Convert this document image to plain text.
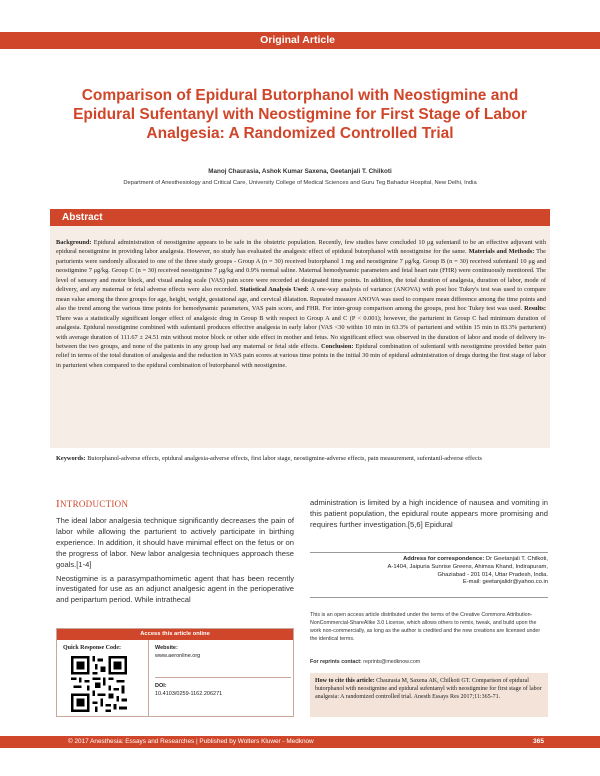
Original Article
Comparison of Epidural Butorphanol with Neostigmine and
Epidural Sufentanyl with Neostigmine for First Stage of Labor
Analgesia: A Randomized Controlled Trial
Manoj Chaurasia, Ashok Kumar Saxena, Geetanjali T. Chilkoti
Department of Anesthesiology and Critical Care, University College of Medical Sciences and Guru Teg Bahadur Hospital, New Delhi, India
Abstract
Background: Epidural administration of neostigmine appears to be safe in the obstetric population. Recently, few studies have concluded 10 μg sufentanil to be an effective adjuvant with epidural neostigmine in providing labor analgesia. However, no study has evaluated the analgesic effect of epidural butorphanol with neostigmine for the same. Materials and Methods: The parturients were randomly allocated to one of the three study groups - Group A (n = 30) received butorphanol 1 mg and neostigmine 7 μg/kg. Group B (n = 30) received sufentanil 10 μg and neostigmine 7 μg/kg. Group C (n = 30) received neostigmine 7 μg/kg and 0.9% normal saline. Maternal hemodynamic parameters and fetal heart rate (FHR) were continuously monitored. The level of sensory and motor block, and visual analog scale (VAS) pain score were recorded at designated time points. In addition, the total duration of analgesia, duration of labor, mode of delivery, and any maternal or fetal adverse effects were also recorded. Statistical Analysis Used: A one-way analysis of variance (ANOVA) with post hoc Tukey's test was used to compare mean value among the three groups for age, height, weight, gestational age, and cervical dilatation. Repeated measure ANOVA was used to compare mean difference among the time points and also the trend among the various time points for hemodynamic parameters, VAS pain score, and FHR. For inter-group comparison among the groups, post hoc Tukey test was used. Results: There was a statistically significant longer effect of analgesic drug in Group B with respect to Group A and C (P < 0.001); however, the parturient in Group C had minimum duration of analgesia. Epidural neostigmine combined with sufentanil produces effective analgesia in early labor (VAS <30 within 10 min in 63.3% of parturient and within 15 min in 83.3% parturient) with average duration of 111.67 ± 24.51 min without motor block or other side effect in mother and fetus. No significant effect was observed in the duration of labor and mode of delivery in-between the two groups, and none of the patients in any group had any maternal or fetal side effects. Conclusion: Epidural combination of sufentanil with neostigmine provided better pain relief in terms of the total duration of analgesia and the reduction in VAS pain scores at various time points in the initial 30 min of epidural administration of drugs during the first stage of labor in parturient when compared to the epidural combination of butorphanol with neostigmine.
Keywords: Butorphanol-adverse effects, epidural analgesia-adverse effects, first labor stage, neostigmine-adverse effects, pain measurement, sufentanil-adverse effects
INTRODUCTION

The ideal labor analgesia technique significantly decreases the pain of labor while allowing the parturient to actively participate in birthing experience. In addition, it should have minimal effect on the fetus or on the progress of labor. New labor analgesia techniques approach these goals.[1-4]

Neostigmine is a parasympathomimetic agent that has been recently investigated for use as an adjunct analgesic agent in the perioperative and peripartum period. While intrathecal

Access this article online
Quick Response Code:	Website:
www.aeronline.org
DOI:
10.4103/0259-1162.206271

administration is limited by a high incidence of nausea and vomiting in this patient population, the epidural route appears more promising and requires further investigation.[5,6] Epidural

Address for correspondence: Dr Geetanjali T. Chilkoti,
A-1404, Jaipuria Sunrise Greens, Ahimsa Khand, Indirapuram,
Ghaziabad - 201 014, Uttar Pradesh, India.
E-mail: geetanjalidr@yahoo.co.in
This is an open access article distributed under the terms of the Creative Commons Attribution-NonCommercial-ShareAlike 3.0 License, which allows others to remix, tweak, and build upon the work non-commercially, as long as the author is credited and the new creations are licensed under the identical terms.
For reprints contact: reprints@medknow.com
How to cite this article: Chaurasia M, Saxena AK, Chilkoti GT. Comparison of epidural butorphanol with neostigmine and epidural sufentanyl with neostigmine for first stage of labor analgesia: A randomized controlled trial. Anesth Essays Res 2017;11:365-71.
© 2017 Anesthesia: Essays and Researches | Published by Wolters Kluwer - Medknow	365
